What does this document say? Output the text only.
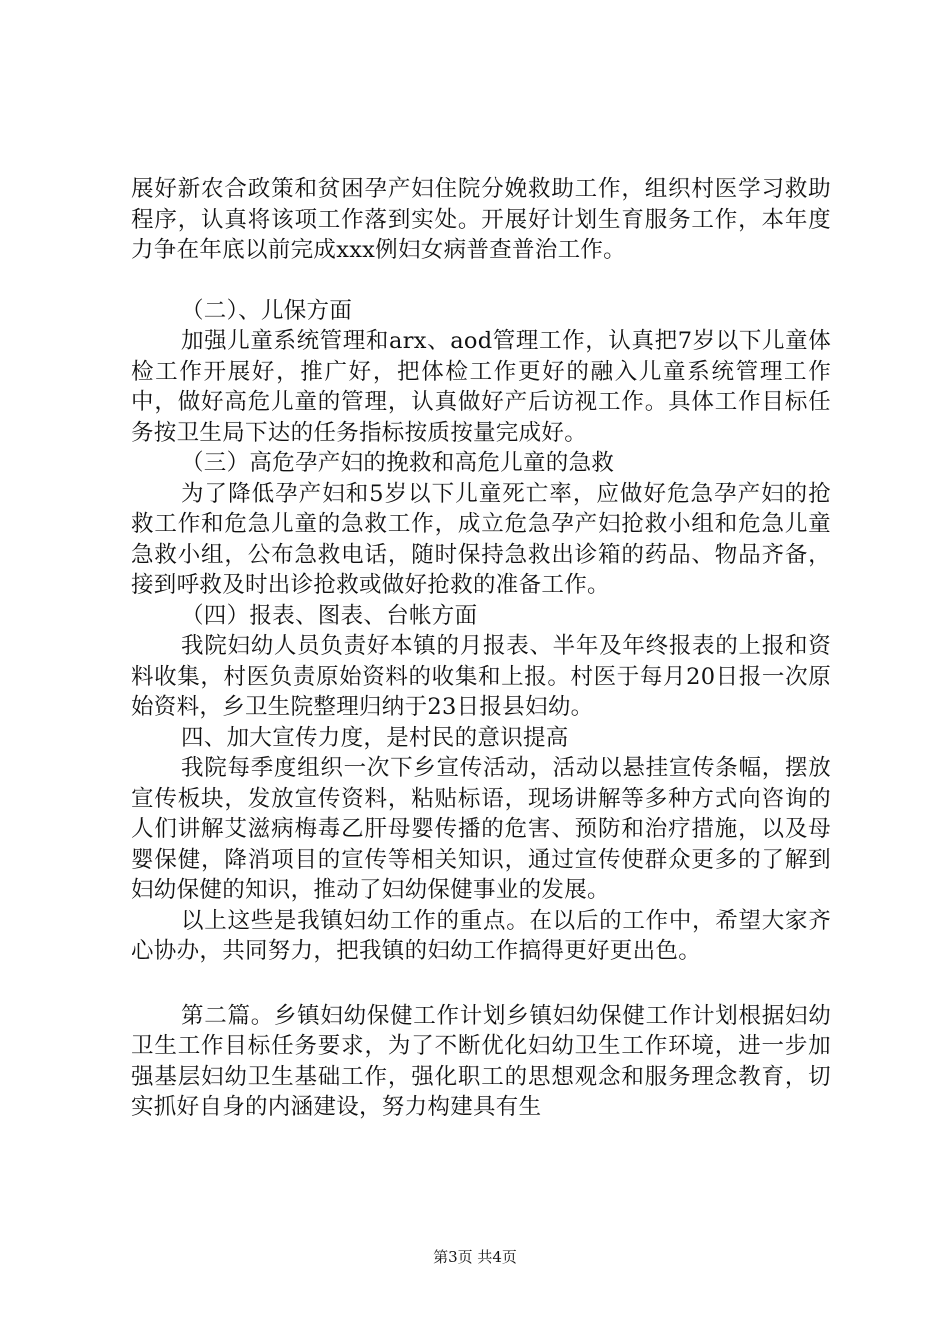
展好新农合政策和贫困孕产妇住院分娩救助工作，组织村医学习救助程序，认真将该项工作落到实处。开展好计划生育服务工作，本年度力争在年底以前完成xxx例妇女病普查普治工作。

（二）、儿保方面

加强儿童系统管理和arx、aod管理工作，认真把7岁以下儿童体检工作开展好，推广好，把体检工作更好的融入儿童系统管理工作中，做好高危儿童的管理，认真做好产后访视工作。具体工作目标任务按卫生局下达的任务指标按质按量完成好。

（三）高危孕产妇的挽救和高危儿童的急救

为了降低孕产妇和5岁以下儿童死亡率，应做好危急孕产妇的抢救工作和危急儿童的急救工作，成立危急孕产妇抢救小组和危急儿童急救小组，公布急救电话，随时保持急救出诊箱的药品、物品齐备，接到呼救及时出诊抢救或做好抢救的准备工作。

（四）报表、图表、台帐方面

我院妇幼人员负责好本镇的月报表、半年及年终报表的上报和资料收集，村医负责原始资料的收集和上报。村医于每月20日报一次原始资料，乡卫生院整理归纳于23日报县妇幼。

四、加大宣传力度，是村民的意识提高

我院每季度组织一次下乡宣传活动，活动以悬挂宣传条幅，摆放宣传板块，发放宣传资料，粘贴标语，现场讲解等多种方式向咨询的人们讲解艾滋病梅毒乙肝母婴传播的危害、预防和治疗措施，以及母婴保健，降消项目的宣传等相关知识，通过宣传使群众更多的了解到妇幼保健的知识，推动了妇幼保健事业的发展。

以上这些是我镇妇幼工作的重点。在以后的工作中，希望大家齐心协办，共同努力，把我镇的妇幼工作搞得更好更出色。

第二篇。乡镇妇幼保健工作计划乡镇妇幼保健工作计划根据妇幼卫生工作目标任务要求，为了不断优化妇幼卫生工作环境，进一步加强基层妇幼卫生基础工作，强化职工的思想观念和服务理念教育，切实抓好自身的内涵建设，努力构建具有生

第3页 共4页
